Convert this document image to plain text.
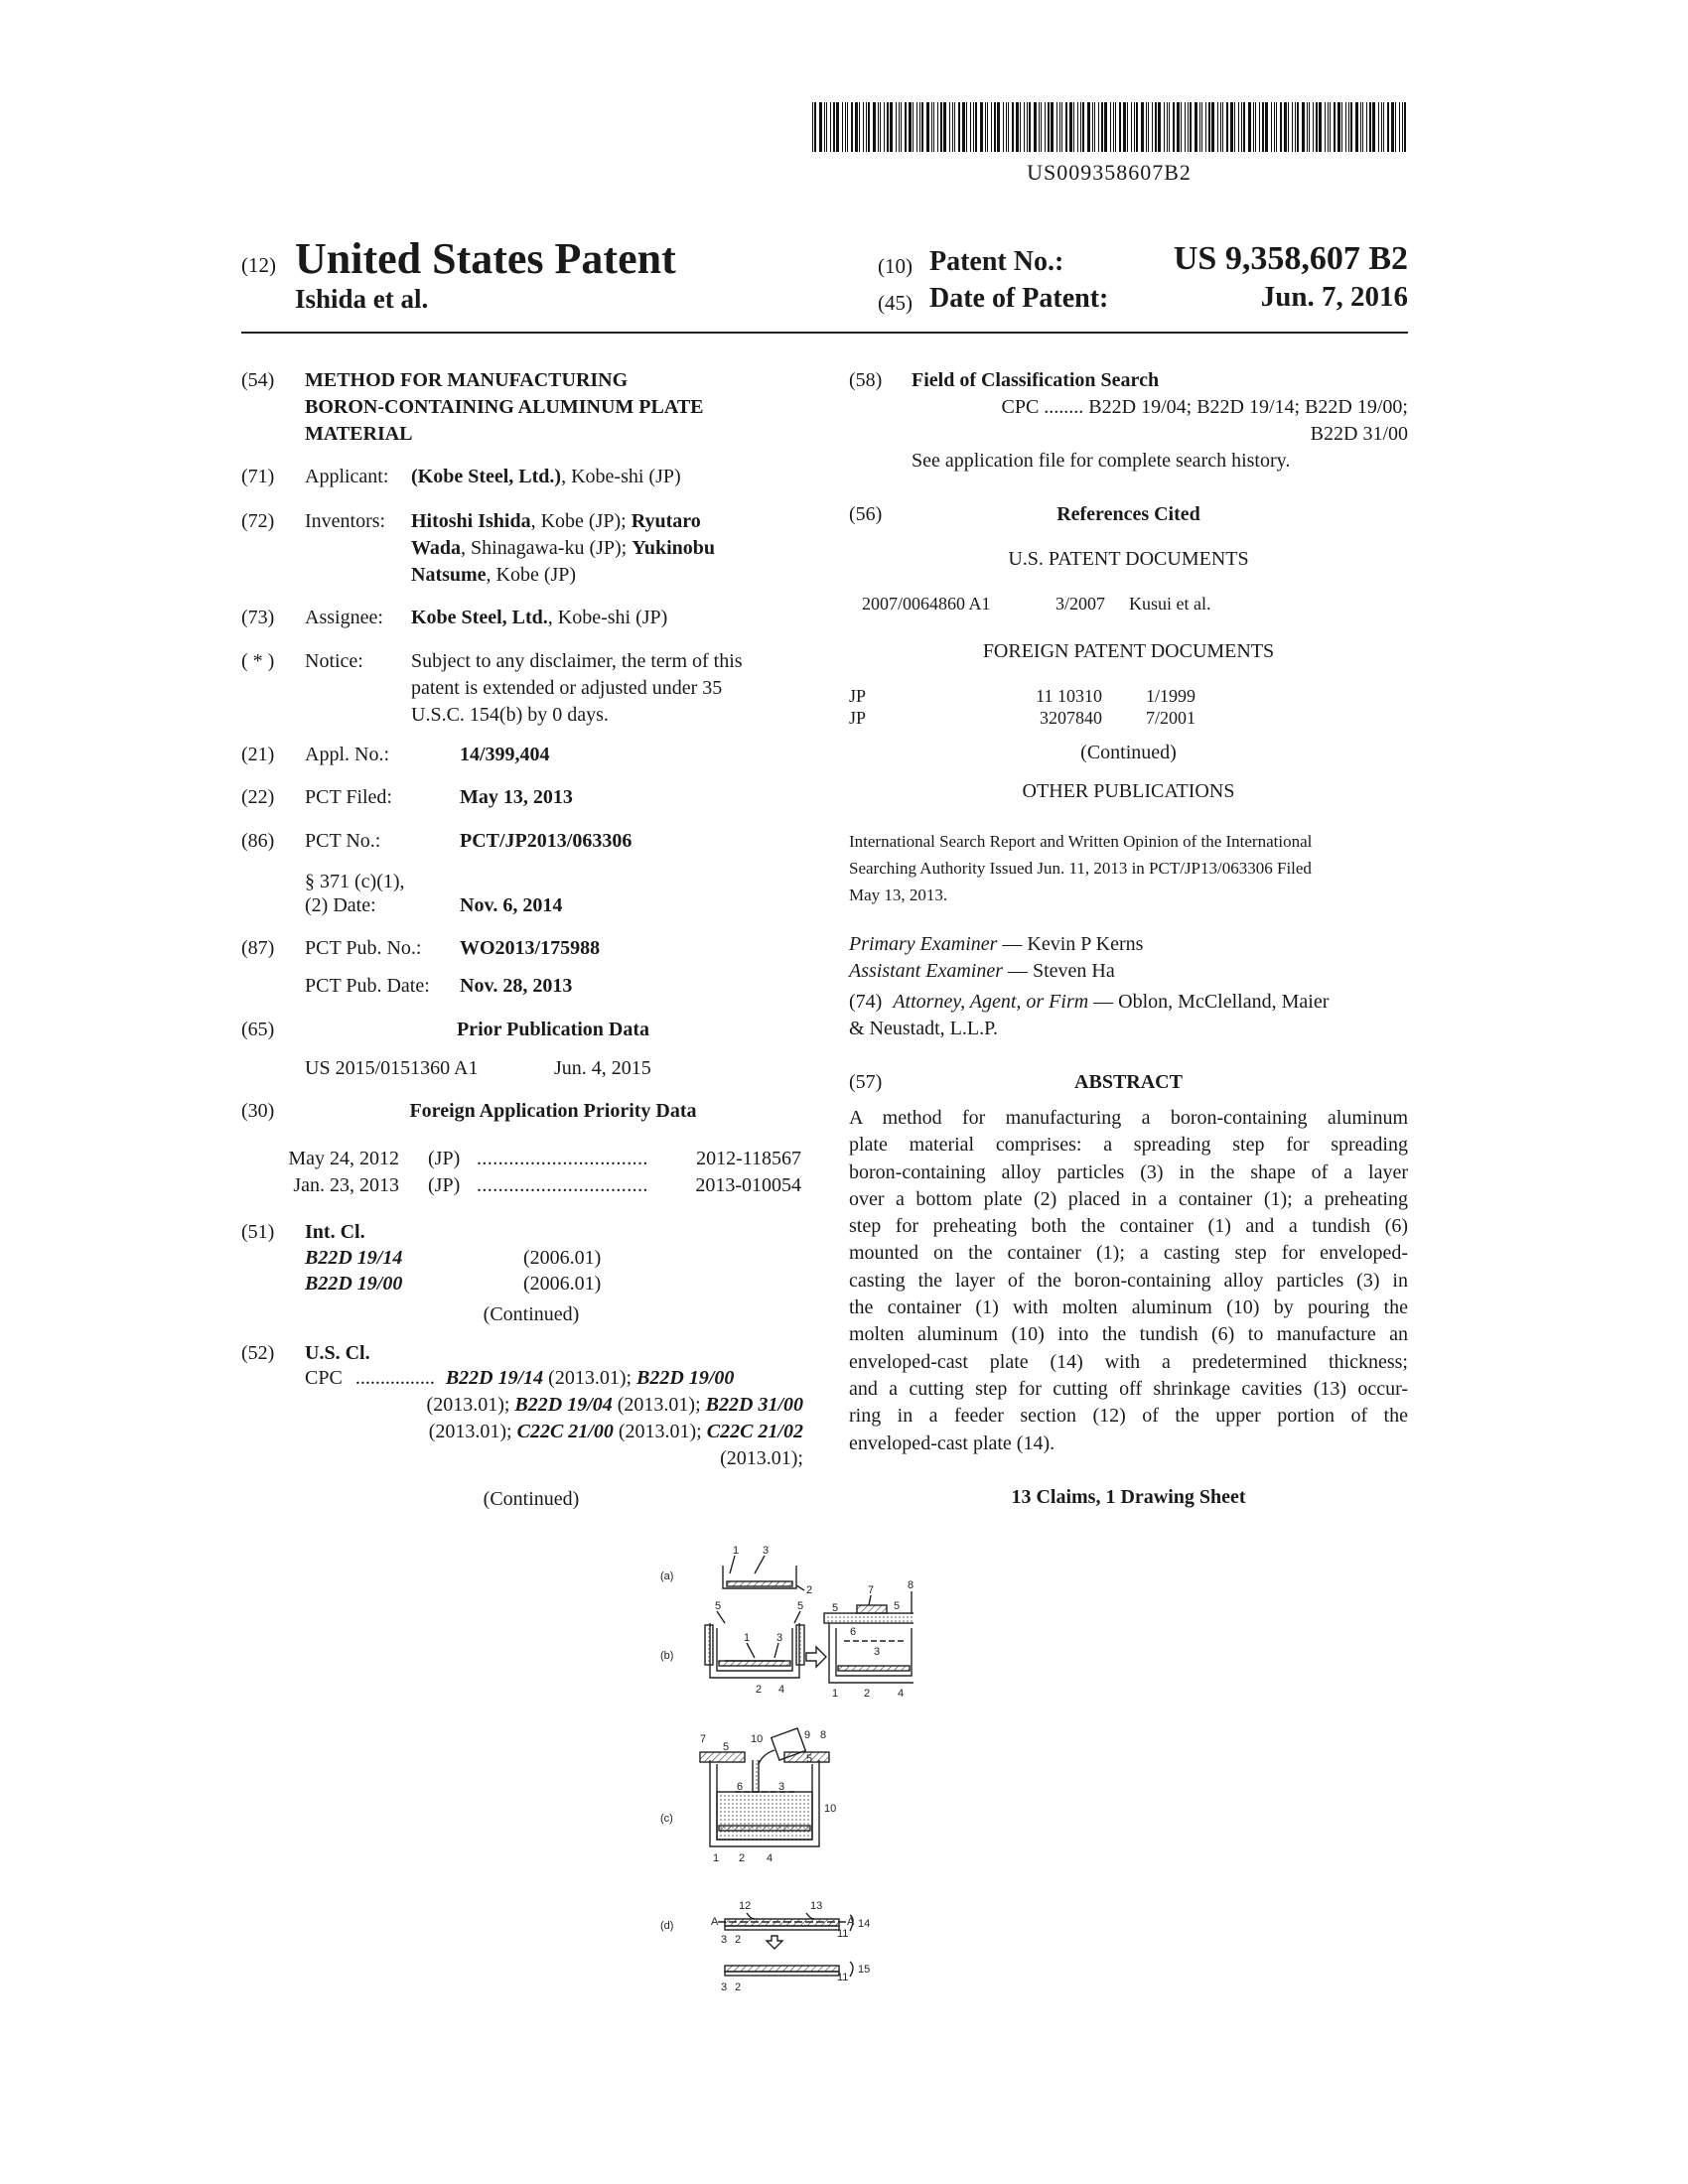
US009358607B2
(12) United States Patent
Ishida et al.
(10) Patent No.:	US 9,358,607 B2
(45) Date of Patent:	Jun. 7, 2016
(54) METHOD FOR MANUFACTURING
BORON-CONTAINING ALUMINUM PLATE
MATERIAL
(71) Applicant: (Kobe Steel, Ltd.), Kobe-shi (JP)
(72) Inventors: Hitoshi Ishida, Kobe (JP); Ryutaro
Wada, Shinagawa-ku (JP); Yukinobu
Natsume, Kobe (JP)
(73) Assignee: Kobe Steel, Ltd., Kobe-shi (JP)
( * ) Notice: Subject to any disclaimer, the term of this
patent is extended or adjusted under 35
U.S.C. 154(b) by 0 days.
(21) Appl. No.:	14/399,404
(22) PCT Filed:	May 13, 2013
(86) PCT No.:	PCT/JP2013/063306
§ 371 (c)(1),
(2) Date:	Nov. 6, 2014
(87) PCT Pub. No.: WO2013/175988
PCT Pub. Date: Nov. 28, 2013
(65)	Prior Publication Data
US 2015/0151360 A1	Jun. 4, 2015
(30)	Foreign Application Priority Data
May 24, 2012 (JP) ................................ 2012-118567
Jan. 23, 2013 (JP) ................................ 2013-010054
(51) Int. Cl.
B22D 19/14	(2006.01)
B22D 19/00	(2006.01)
(Continued)
(52) U.S. Cl.
CPC ................ B22D 19/14 (2013.01); B22D 19/00
(2013.01); B22D 19/04 (2013.01); B22D 31/00
(2013.01); C22C 21/00 (2013.01); C22C 21/02
(2013.01);
(Continued)
(58) Field of Classification Search
CPC ........ B22D 19/04; B22D 19/14; B22D 19/00;
B22D 31/00
See application file for complete search history.
(56)	References Cited
U.S. PATENT DOCUMENTS
2007/0064860 A1	3/2007 Kusui et al.
FOREIGN PATENT DOCUMENTS
JP	11 10310 1/1999
JP	3207840 7/2001
(Continued)
OTHER PUBLICATIONS
International Search Report and Written Opinion of the International
Searching Authority Issued Jun. 11, 2013 in PCT/JP13/063306 Filed
May 13, 2013.
Primary Examiner — Kevin P Kerns
Assistant Examiner — Steven Ha
(74) Attorney, Agent, or Firm — Oblon, McClelland, Maier
& Neustadt, L.L.P.
(57)	ABSTRACT
A method for manufacturing a boron-containing aluminum
plate material comprises: a spreading step for spreading
boron-containing alloy particles (3) in the shape of a layer
over a bottom plate (2) placed in a container (1); a preheating
step for preheating both the container (1) and a tundish (6)
mounted on the container (1); a casting step for enveloped-
casting the layer of the boron-containing alloy particles (3) in
the container (1) with molten aluminum (10) by pouring the
molten aluminum (10) into the tundish (6) to manufacture an
enveloped-cast plate (14) with a predetermined thickness;
and a cutting step for cutting off shrinkage cavities (13) occur-
ring in a feeder section (12) of the upper portion of the
enveloped-cast plate (14).
13 Claims, 1 Drawing Sheet
(a)
1 3
2
(b)
5	5
1 3
2 4
5
7
5
8
6
3
1 2	4
(c)
7
5
10	9 8
5
6	3
10
1 2 4
(d)
12	13
A	A
11
14
3 2
11
15
3 2
